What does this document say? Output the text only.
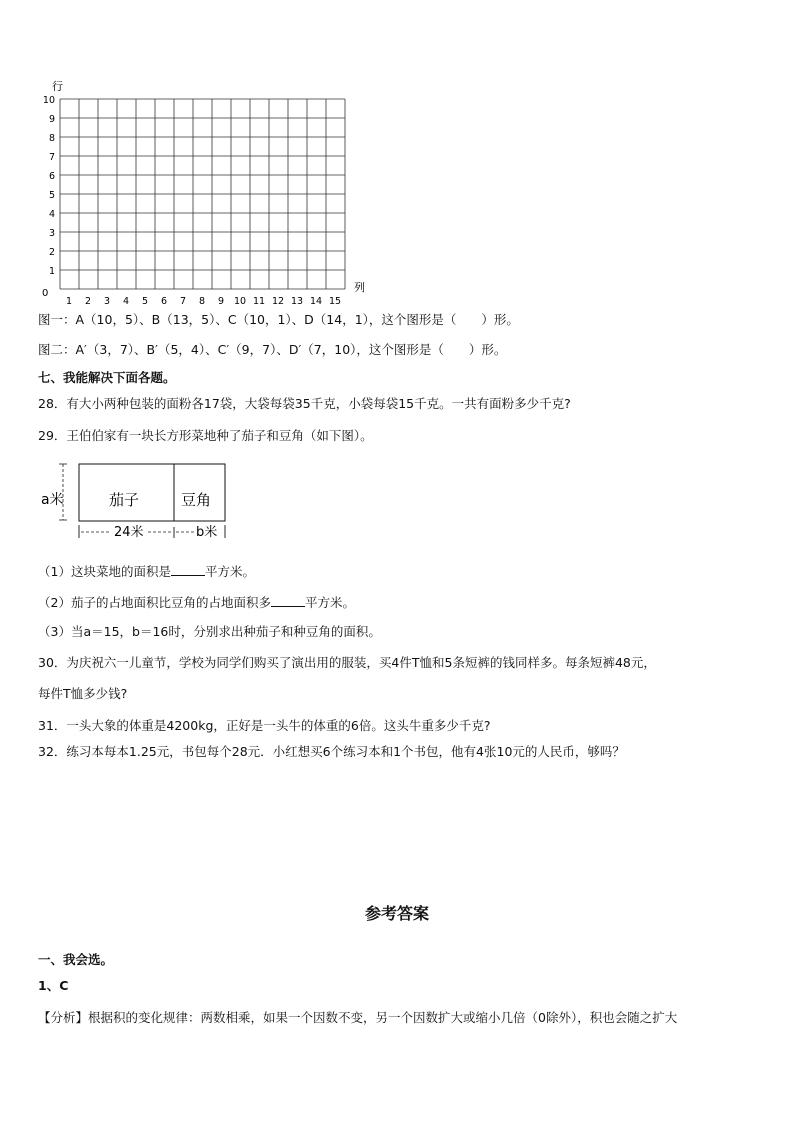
行
列
0
1
2
3
4
5
6
7
8
9
10
1 2 3 4 5 6 7 8 9 10 11 12 13 14 15
图一：A（10，5）、B（13，5）、C（10，1）、D（14，1），这个图形是（　　）形。
图二：A′（3，7）、B′（5，4）、C′（9，7）、D′（7，10），这个图形是（　　）形。
七、我能解决下面各题。
28．有大小两种包装的面粉各17袋，大袋每袋35千克，小袋每袋15千克。一共有面粉多少千克?
29．王伯伯家有一块长方形菜地种了茄子和豆角（如下图）。
a米	茄子	豆角
24米	b米
（1）这块菜地的面积是	平方米。
（2）茄子的占地面积比豆角的占地面积多	平方米。
（3）当a＝15，b＝16时，分别求出种茄子和种豆角的面积。
30．为庆祝六一儿童节，学校为同学们购买了演出用的服装，买4件T恤和5条短裤的钱同样多。每条短裤48元，
每件T恤多少钱?
31．一头大象的体重是4200kg，正好是一头牛的体重的6倍。这头牛重多少千克?
32．练习本每本1.25元，书包每个28元．小红想买6个练习本和1个书包，他有4张10元的人民币，够吗？
参考答案
一、我会选。
1、C
【分析】根据积的变化规律：两数相乘，如果一个因数不变，另一个因数扩大或缩小几倍（0除外），积也会随之扩大
